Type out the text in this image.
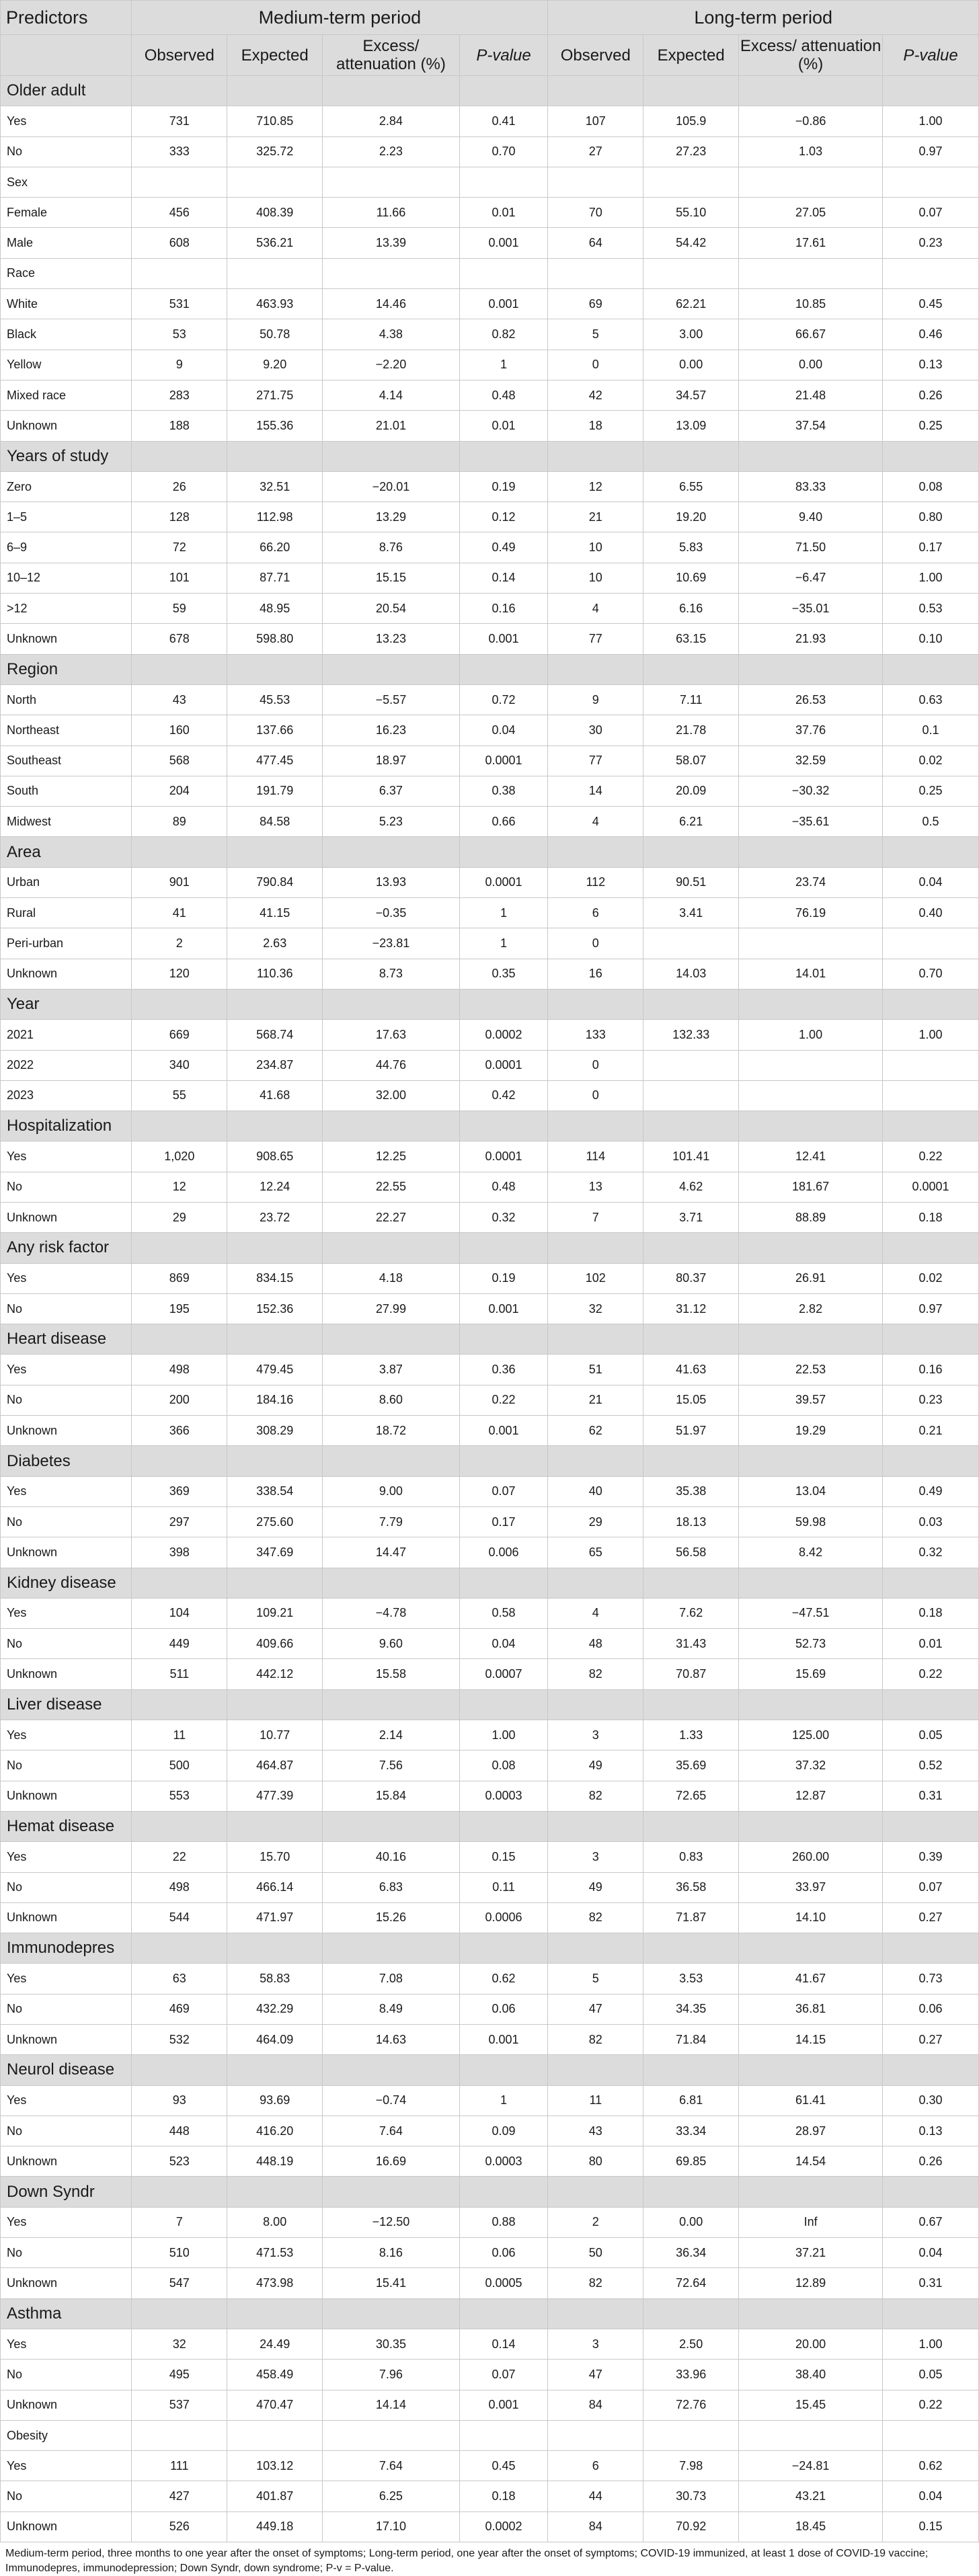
Predictors	Medium-term period				Long-term period			
	Observed	Expected	Excess/ attenuation (%)	P-value	Observed	Expected	Excess/ attenuation (%)	P-value
Older adult								
Yes	731	710.85	2.84	0.41	107	105.9	−0.86	1.00
No	333	325.72	2.23	0.70	27	27.23	1.03	0.97
Sex								
Female	456	408.39	11.66	0.01	70	55.10	27.05	0.07
Male	608	536.21	13.39	0.001	64	54.42	17.61	0.23
Race								
White	531	463.93	14.46	0.001	69	62.21	10.85	0.45
Black	53	50.78	4.38	0.82	5	3.00	66.67	0.46
Yellow	9	9.20	−2.20	1	0	0.00	0.00	0.13
Mixed race	283	271.75	4.14	0.48	42	34.57	21.48	0.26
Unknown	188	155.36	21.01	0.01	18	13.09	37.54	0.25
Years of study								
Zero	26	32.51	−20.01	0.19	12	6.55	83.33	0.08
1–5	128	112.98	13.29	0.12	21	19.20	9.40	0.80
6–9	72	66.20	8.76	0.49	10	5.83	71.50	0.17
10–12	101	87.71	15.15	0.14	10	10.69	−6.47	1.00
>12	59	48.95	20.54	0.16	4	6.16	−35.01	0.53
Unknown	678	598.80	13.23	0.001	77	63.15	21.93	0.10
Region								
North	43	45.53	−5.57	0.72	9	7.11	26.53	0.63
Northeast	160	137.66	16.23	0.04	30	21.78	37.76	0.1
Southeast	568	477.45	18.97	0.0001	77	58.07	32.59	0.02
South	204	191.79	6.37	0.38	14	20.09	−30.32	0.25
Midwest	89	84.58	5.23	0.66	4	6.21	−35.61	0.5
Area								
Urban	901	790.84	13.93	0.0001	112	90.51	23.74	0.04
Rural	41	41.15	−0.35	1	6	3.41	76.19	0.40
Peri-urban	2	2.63	−23.81	1	0			
Unknown	120	110.36	8.73	0.35	16	14.03	14.01	0.70
Year								
2021	669	568.74	17.63	0.0002	133	132.33	1.00	1.00
2022	340	234.87	44.76	0.0001	0			
2023	55	41.68	32.00	0.42	0			
Hospitalization								
Yes	1,020	908.65	12.25	0.0001	114	101.41	12.41	0.22
No	12	12.24	22.55	0.48	13	4.62	181.67	0.0001
Unknown	29	23.72	22.27	0.32	7	3.71	88.89	0.18
Any risk factor								
Yes	869	834.15	4.18	0.19	102	80.37	26.91	0.02
No	195	152.36	27.99	0.001	32	31.12	2.82	0.97
Heart disease								
Yes	498	479.45	3.87	0.36	51	41.63	22.53	0.16
No	200	184.16	8.60	0.22	21	15.05	39.57	0.23
Unknown	366	308.29	18.72	0.001	62	51.97	19.29	0.21
Diabetes								
Yes	369	338.54	9.00	0.07	40	35.38	13.04	0.49
No	297	275.60	7.79	0.17	29	18.13	59.98	0.03
Unknown	398	347.69	14.47	0.006	65	56.58	8.42	0.32
Kidney disease								
Yes	104	109.21	−4.78	0.58	4	7.62	−47.51	0.18
No	449	409.66	9.60	0.04	48	31.43	52.73	0.01
Unknown	511	442.12	15.58	0.0007	82	70.87	15.69	0.22
Liver disease								
Yes	11	10.77	2.14	1.00	3	1.33	125.00	0.05
No	500	464.87	7.56	0.08	49	35.69	37.32	0.52
Unknown	553	477.39	15.84	0.0003	82	72.65	12.87	0.31
Hemat disease								
Yes	22	15.70	40.16	0.15	3	0.83	260.00	0.39
No	498	466.14	6.83	0.11	49	36.58	33.97	0.07
Unknown	544	471.97	15.26	0.0006	82	71.87	14.10	0.27
Immunodepres								
Yes	63	58.83	7.08	0.62	5	3.53	41.67	0.73
No	469	432.29	8.49	0.06	47	34.35	36.81	0.06
Unknown	532	464.09	14.63	0.001	82	71.84	14.15	0.27
Neurol disease								
Yes	93	93.69	−0.74	1	11	6.81	61.41	0.30
No	448	416.20	7.64	0.09	43	33.34	28.97	0.13
Unknown	523	448.19	16.69	0.0003	80	69.85	14.54	0.26
Down Syndr								
Yes	7	8.00	−12.50	0.88	2	0.00	Inf	0.67
No	510	471.53	8.16	0.06	50	36.34	37.21	0.04
Unknown	547	473.98	15.41	0.0005	82	72.64	12.89	0.31
Asthma								
Yes	32	24.49	30.35	0.14	3	2.50	20.00	1.00
No	495	458.49	7.96	0.07	47	33.96	38.40	0.05
Unknown	537	470.47	14.14	0.001	84	72.76	15.45	0.22
Obesity								
Yes	111	103.12	7.64	0.45	6	7.98	−24.81	0.62
No	427	401.87	6.25	0.18	44	30.73	43.21	0.04
Unknown	526	449.18	17.10	0.0002	84	70.92	18.45	0.15
Medium-term period, three months to one year after the onset of symptoms; Long-term period, one year after the onset of symptoms; COVID-19 immunized, at least 1 dose of COVID-19 vaccine; Immunodepres, immunodepression; Down Syndr, down syndrome; P-v = P-value.
